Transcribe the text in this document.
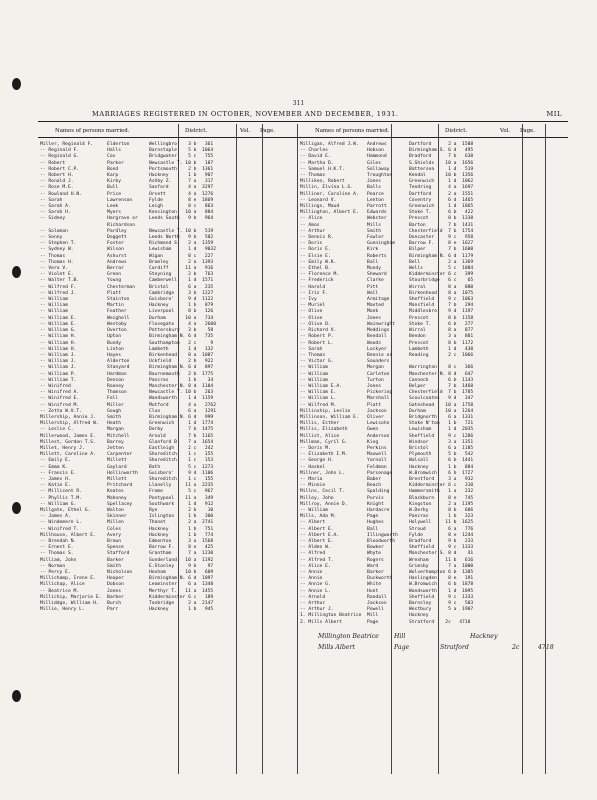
311
MARRIAGES REGISTERED IN OCTOBER, NOVEMBER AND DECEMBER, 1931.	MIL
Names of persons married.	District.	Vol. Page.	Names of persons married.	District.	Vol. Page.
Miller, Reginald F.     Elderton       Wellingbro'   3 b   361
-- Reginald F.          Halls          Barnstaple    5 b  1064
-- Reginald G.          Cox            Bridgwater    5 c   755
-- Robert               Parker         Newcastle T. 10 b   187
-- Robert C.P.          Bond           Portsmouth    2 b  1361
-- Robert H.            Karp           Hackney       1 b   907
-- Ronald J.            Kirby          Ashby Z.      7 a   317
-- Rose M.E.            Bull           Sanford       4 a  3297
-- Rowland H.N.         Price          Orsett        4 a  1276
-- Sarah                Lawrenson      Fylde         8 e  1869
-- Sarah A.             Leek           Leigh         8 c   863
-- Sarah H.             Myers          Kensington   10 a   884
-- Sidney               Hargrave or    Leeds South   9 b   964
Richardson
-- Solomon              Pardley        Newcastle T. 10 b   519
-- Sonny                Doggett        Leeds North   9 b   502
-- Stephen T.           Foster         Richmond S.   2 a  1359
-- Sydney W.            Wilson         Lewisham      1 d   9032
-- Thomas               Ashurst        Wigan         8 c   227
-- Thomas H.            Andrews        Bromley       2 a  1393
-- Vera V.              Berrar         Cardiff      11 a   916
-- Violet E.            Green          Steyning      2 b   763
-- Walter T.B.          Young          Camberwell    1 d  1571
-- Wilfred F.           Chesterman     Bristol       6 a   235
-- Wilfred J.           Platt          Cambridge     3 b  1227
-- William              Stainton       Guisboro'     9 d  1122
-- William              Martin         Hackney       1 b   879
-- William              Feather        Liverpool     8 b   126
-- William E.           Weighell       Durham       10 a   734
-- William E.           Westoby        Flosegate     4 a   2600
-- William G.           Overton        Pottersbury   3 b    58
-- William H.           Upton          Birmingham N. 6 d   735
-- William H.           Bundy          Southampton   2 c     9
-- William H.           Linton         Lambeth       1 d   132
-- William J.           Hayes          Birkenhead    8 a  1087
-- William J.           Alderton       Uckfield      2 b   922
-- William J.           Stanyard       Birmingham N. 6 d   897
-- William P.           Hardman        Bournemouth   2 b  1775
-- William T.           Denson         Pancras       1 b    34
-- Winifred             Rooney         Manchester N. 8 d  1104
-- Winifred A.          Thomson        Newcastle T. 10 b   263
-- Winifred E.          Fell           Wandsworth    1 d  1159
-- Winifred M.          Miller         Mutford       4 a   2762
-- Zetta W.V.T.         Gough          Clun          6 a   1291
Millership, Annie J.    Smith          Birmingham N. 6 d   999
Millership, Alfred W.   Heath          Greenwich     1 d  1774
-- Leslie C.            Morgan         Derby         7 b  1475
Millerwood, James E.    Mitchell       Arnold        7 b  1165
Millest, Gordon T.S.    Barrey         Glanford B.   7 a  1654
Millet, Henry J.        Jetten         Eastleigh     2 c   242
Millett, Caroline A.    Carpenter      Shoreditch    1 c   155
-- Emily E.             Millett        Shoreditch    1 c   153
-- Emma K.              Gaylard        Bath          5 c  1273
-- Francis E.           Hollinworth    Guisboro'     9 d  1106
-- James H.             Millett        Shoreditch    1 c   155
-- Katie E.             Pritchard      Llanelly     11 a  2235
-- Millicent R.         Keates         Frome         5 c   967
-- Phyllis T.M.         Mahoney        Pontypool    11 a   349
-- William G.           Spellacey      Southwark     1 d   912
Millgate, Ethel G.      Walton         Rye           2 b    10
-- James A.             Skinner        Islington     1 b   300
-- Windemere L.         Millen         Thanet        2 a  2741
-- Winifred T.          Coles          Hackney       1 b   751
Millhouse, Albert E.    Avery          Hackney       1 b   774
-- Brendah N.           Brown          Edmonton      3 a  1568
-- Ernest E.            Spence         Barrow F.     8 e   425
-- Thomas S.            Stafford       Grantham      7 a  1230
Milliam, John           Barker         Sunderland   10 a  1192
-- Norman               Smith          E.Stonley     9 b    97
-- Percy E.             Nicholson      Hexham       10 b   609
Millichamp, Irene E.    Hooper         Birmingham N. 6 d  1097
Millichap, Alice        Dobson         Leominster    6 a  1348
-- Beatrice M.          Jones          Merthyr T.   11 a  1455
Millichip, Marjorie E.  Barber         Kidderminster 6 c   189
Milliddge, William H.   Burch          Tonbridge     2 a  2147
Millie, Henry L.        Parr           Hackney       1 b   945
Milligan, Alfred J.W.   Andrews        Dartford      2 a  1588
-- Charles              Hobson         Birmingham S. 6 d   495
-- David E.             Hammond        Bradford      7 b   630
-- Martha D.            Giles          S.Shields    10 a  1656
-- Samuel H.K.T.        Sollaway       Battersea     1 d   519
-- Thomas               Troughton      Kendal       10 b  1356
Milliken, Robert        Jones          Greenwich     1 d  1062
Millin, Elvina L.G.     Balls          Tendring      4 a  1697
Milliner, Caroline A.   Pearce         Dartford      2 a  1551
-- Leonard V.           Lenton         Coventry      6 d  1465
Millings, Maud          Parrott        Greenwich     1 d  1865
Millington, Albert E.   Edwards        Stoke T.      6 b   422
-- Alice                Webster        Prescot       8 b  1338
-- Amos                 Mills          Barton        7 b  1431
-- Arthur               Smith          Chesterfield  7 b  1754
-- Dennis R.            Fowler         Doncaster     9 c   958
-- Doris                Gunningham     Barrow F.     8 e  1627
-- Doris E.             Kirk           Bilper        7 b  1600
-- Elsie E.             Roberts        Birmingham N. 6 d  1179
-- Emily W.K.           Ball           Bell          2 a  1369
-- Ethel B.             Mundy          Wells         5 c  1084
-- Florence M.          Sheward        Kidderminster 6 c   399
-- Frederick            Clarke         Stourbridge   6 c    65
-- Harold               Pitt           Wirral        8 a   880
-- Iris F.              Wall           Birkenhead    8 a  1075
-- Ivy                  Armitage       Sheffield     9 c  1063
-- Muriel               Maxted         Mansfield     7 b   294
-- Olive                Monk           Middlesbro'   9 d  1197
-- Olive                Jones          Prescot       8 b  1158
-- Olive D.             Wainwright     Stoke T.      6 b   277
-- Richard V.           Meddings       Wirral        8 a   877
-- Robert P.            Bendall        Bendon        3 a   881
-- Robert L.            Woods          Prescot       8 b  1172
-- Sarah                Lockyer        Lambeth       1 d   430
-- Thomas               Bennie or      Reading       2 c  1066
-- Victor G.            Saunders
-- William              Morgan         Warrington    8 c   366
-- William              Carleton       Manchester N. 8 d   647
-- William              Turton         Cannock       6 b  1143
-- William E.A.         Jones          Belper        7 b  1460
-- William E.           Pickering      Chesterfield  7 b  1785
-- William L.           Marshall       Scoulcoates   9 d   347
-- Wilfred M.           Platt          Gateshead    10 a  1758
Millinship, Leslie      Jackson        Durham       10 a  1264
Millinson, William E.   Oliver         Bridgnorth    6 a  1331
Millis, Esther          Lewisohn       Stoke N'ton   1 b   721
Millis, Elizabeth       Owen           Lewisham      1 d  2035
Millist, Alice          Anderson       Sheffield     9 c  1286
Millman, Cyril G.       King           Windsor       3 a  1351
-- Doris M.             Perkins        Bristol       6 a  1185
-- Elizabeth I.M.       Maxwell        Plymouth      5 b   542
-- George H.            Yarnall        Walsall       6 b  1441
-- Haskel               Feldman        Hackney       1 b   884
Millner, John L.        Parsonage      W.Bromwich    6 b  1727
-- Maria                Baber          Brentford     3 a   932
-- Minnie               Beach          Kidderminster 6 c   310
Millns, Cecil T.        Spalding       Hammersmith   1 a   232
Milloy, John            Purvis         Blackburn     8 e   745
Millroy, Annie D.       Knight         Kingston      2 a  1195
-- William              Hardacre       W.Derby       8 b   606
Mills, Ada M.           Page           Pancras       1 b   323
-- Albert               Hughes         Holywell     11 b  1625
-- Albert E.            Ball           Stroud        6 a   776
-- Albert E.A.          Illingworth    Fylde         8 e  1244
-- Albert E.            Bloodworth     Bradford      9 b   233
-- Alden W.             Bowker         Sheffield     9 c  1333
-- Alfred               Whyte          Manchester S. 8 d    41
-- Alfred T.            Rogers         Wrexham      11 b   616
-- Alice E.             Ward           Grimsby       7 a  1000
-- Annie                Barker         Wolverhampton 6 b  1305
-- Annie                Duckworth      Haslingden    8 e   191
-- Annie G.             White          W.Bromwich    6 b  1878
-- Annie L.             Hunt           Wandsworth    1 d  1095
-- Arnold               Randall        Sheffield     9 c  1333
-- Arthur               Jackson        Barnsley      9 c   503
-- Arthur J.            Powell         Westbury      5 a  1907
1. Millington Beatrice  Mill           Hackney
2. Mills Albert         Page           Stratford    2c   4718
Millington Beatrice Hill	Hackney
Mills Albert	Page	Stratford	2c	4718
